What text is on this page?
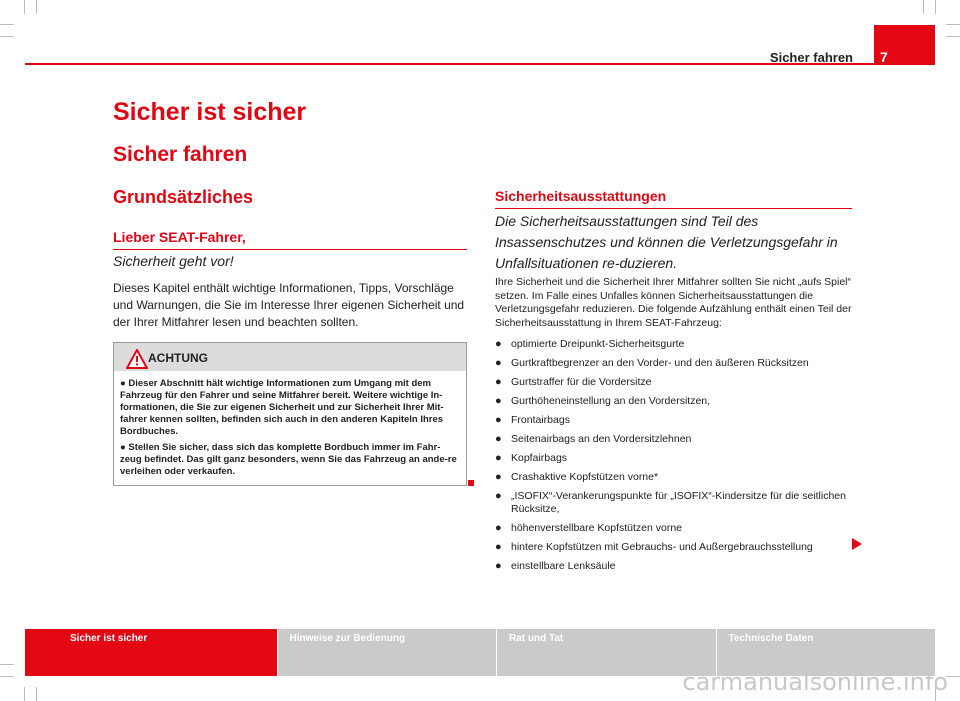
Sicher fahren	7
Sicher ist sicher
Sicher fahren
Grundsätzliches
Lieber SEAT-Fahrer,

Sicherheit geht vor!

Dieses Kapitel enthält wichtige Informationen, Tipps, Vorschläge und Warnungen, die Sie im Interesse Ihrer eigenen Sicherheit und der Ihrer Mitfahrer lesen und beachten sollten.

ACHTUNG
● Dieser Abschnitt hält wichtige Informationen zum Umgang mit dem Fahrzeug für den Fahrer und seine Mitfahrer bereit. Weitere wichtige In-formationen, die Sie zur eigenen Sicherheit und zur Sicherheit Ihrer Mit-fahrer kennen sollten, befinden sich auch in den anderen Kapiteln Ihres Bordbuches.
● Stellen Sie sicher, dass sich das komplette Bordbuch immer im Fahr-zeug befindet. Das gilt ganz besonders, wenn Sie das Fahrzeug an ande-re verleihen oder verkaufen.
Sicherheitsausstattungen

Die Sicherheitsausstattungen sind Teil des Insassenschutzes und können die Verletzungsgefahr in Unfallsituationen re-duzieren.

Ihre Sicherheit und die Sicherheit Ihrer Mitfahrer sollten Sie nicht „aufs Spiel“ setzen. Im Falle eines Unfalles können Sicherheitsausstattungen die Verletzungsgefahr reduzieren. Die folgende Aufzählung enthält einen Teil der Sicherheitsausstattung in Ihrem SEAT-Fahrzeug:

● optimierte Dreipunkt-Sicherheitsgurte
● Gurtkraftbegrenzer an den Vorder- und den äußeren Rücksitzen
● Gurtstraffer für die Vordersitze
● Gurthöheneinstellung an den Vordersitzen,
● Frontairbags
● Seitenairbags an den Vordersitzlehnen
● Kopfairbags
● Crashaktive Kopfstützen vorne*
● „ISOFIX“-Verankerungspunkte für „ISOFIX“-Kindersitze für die seitlichen Rücksitze,
● höhenverstellbare Kopfstützen vorne
● hintere Kopfstützen mit Gebrauchs- und Außergebrauchsstellung
● einstellbare Lenksäule
Sicher ist sicher	Hinweise zur Bedienung	Rat und Tat	Technische Daten
carmanualsonline.info
